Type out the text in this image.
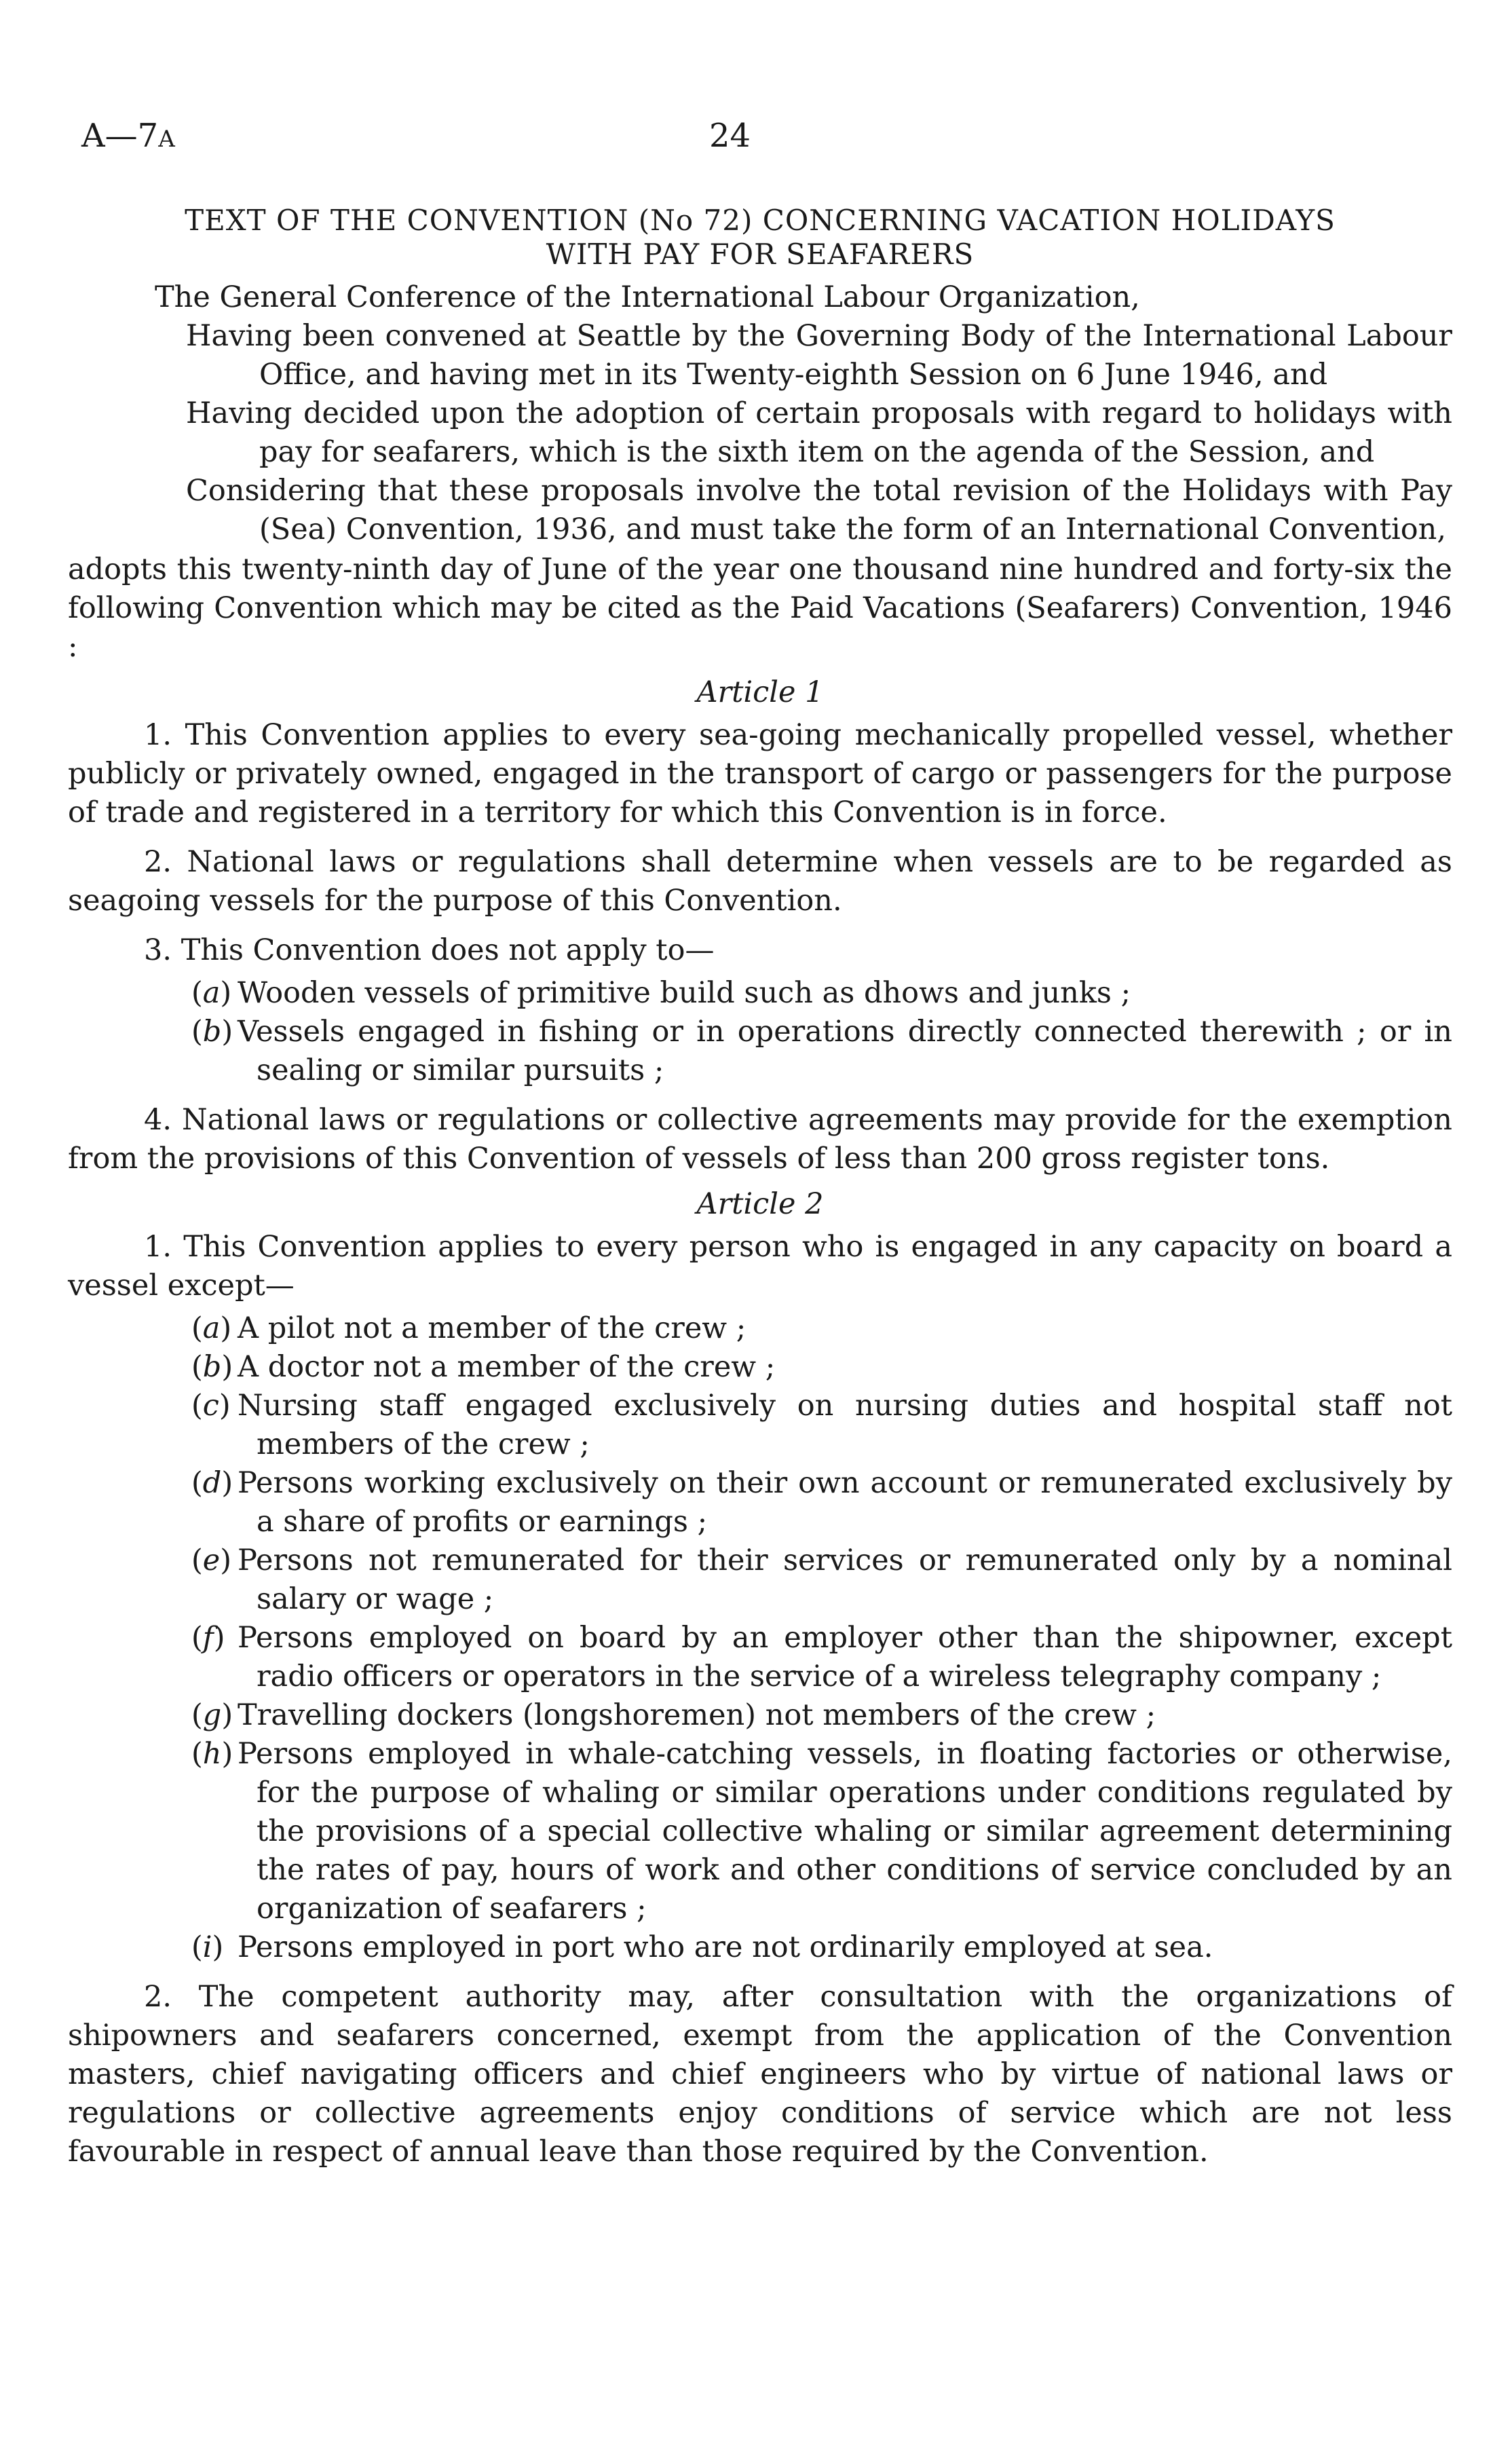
A—7A	24
TEXT OF THE CONVENTION (No 72) CONCERNING VACATION HOLIDAYS
WITH PAY FOR SEAFARERS

The General Conference of the International Labour Organization,

Having been convened at Seattle by the Governing Body of the International Labour Office, and having met in its Twenty-eighth Session on 6 June 1946, and

Having decided upon the adoption of certain proposals with regard to holidays with pay for seafarers, which is the sixth item on the agenda of the Session, and

Considering that these proposals involve the total revision of the Holidays with Pay (Sea) Convention, 1936, and must take the form of an International Convention,

adopts this twenty-ninth day of June of the year one thousand nine hundred and forty-six the following Convention which may be cited as the Paid Vacations (Seafarers) Convention, 1946 :

Article 1

1. This Convention applies to every sea-going mechanically propelled vessel, whether publicly or privately owned, engaged in the transport of cargo or passengers for the purpose of trade and registered in a territory for which this Convention is in force.

2. National laws or regulations shall determine when vessels are to be regarded as seagoing vessels for the purpose of this Convention.

3. This Convention does not apply to—

(a) Wooden vessels of primitive build such as dhows and junks ;

(b) Vessels engaged in fishing or in operations directly connected therewith ; or in sealing or similar pursuits ;

4. National laws or regulations or collective agreements may provide for the exemption from the provisions of this Convention of vessels of less than 200 gross register tons.

Article 2

1. This Convention applies to every person who is engaged in any capacity on board a vessel except—

(a) A pilot not a member of the crew ;

(b) A doctor not a member of the crew ;

(c) Nursing staff engaged exclusively on nursing duties and hospital staff not members of the crew ;

(d) Persons working exclusively on their own account or remunerated exclusively by a share of profits or earnings ;

(e) Persons not remunerated for their services or remunerated only by a nominal salary or wage ;

(f) Persons employed on board by an employer other than the shipowner, except radio officers or operators in the service of a wireless telegraphy company ;

(g) Travelling dockers (longshoremen) not members of the crew ;

(h) Persons employed in whale-catching vessels, in floating factories or otherwise, for the purpose of whaling or similar operations under conditions regulated by the provisions of a special collective whaling or similar agreement determining the rates of pay, hours of work and other conditions of service concluded by an organization of seafarers ;

(i) Persons employed in port who are not ordinarily employed at sea.

2. The competent authority may, after consultation with the organizations of shipowners and seafarers concerned, exempt from the application of the Convention masters, chief navigating officers and chief engineers who by virtue of national laws or regulations or collective agreements enjoy conditions of service which are not less favourable in respect of annual leave than those required by the Convention.
